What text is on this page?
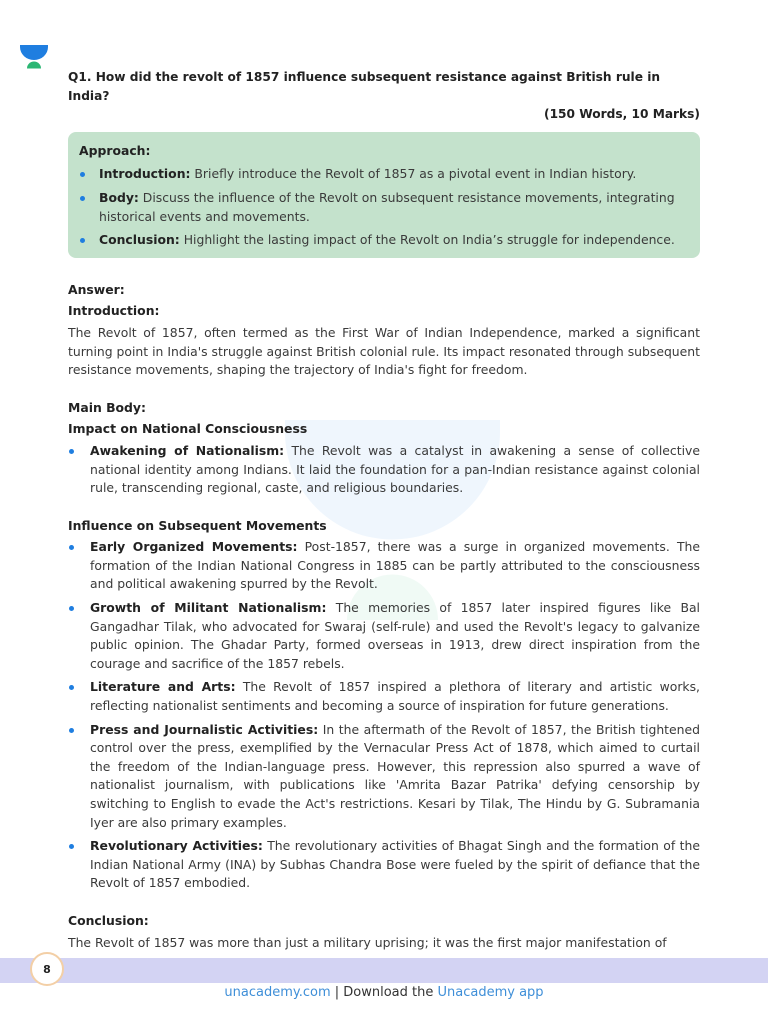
Q1. How did the revolt of 1857 influence subsequent resistance against British rule in India?
(150 Words, 10 Marks)
Approach:
Introduction: Briefly introduce the Revolt of 1857 as a pivotal event in Indian history.
Body: Discuss the influence of the Revolt on subsequent resistance movements, integrating historical events and movements.
Conclusion: Highlight the lasting impact of the Revolt on India’s struggle for independence.
Answer:
Introduction:
The Revolt of 1857, often termed as the First War of Indian Independence, marked a significant turning point in India's struggle against British colonial rule. Its impact resonated through subsequent resistance movements, shaping the trajectory of India's fight for freedom.
Main Body:
Impact on National Consciousness
Awakening of Nationalism: The Revolt was a catalyst in awakening a sense of collective national identity among Indians. It laid the foundation for a pan-Indian resistance against colonial rule, transcending regional, caste, and religious boundaries.
Influence on Subsequent Movements
Early Organized Movements: Post-1857, there was a surge in organized movements. The formation of the Indian National Congress in 1885 can be partly attributed to the consciousness and political awakening spurred by the Revolt.
Growth of Militant Nationalism: The memories of 1857 later inspired figures like Bal Gangadhar Tilak, who advocated for Swaraj (self-rule) and used the Revolt's legacy to galvanize public opinion. The Ghadar Party, formed overseas in 1913, drew direct inspiration from the courage and sacrifice of the 1857 rebels.
Literature and Arts: The Revolt of 1857 inspired a plethora of literary and artistic works, reflecting nationalist sentiments and becoming a source of inspiration for future generations.
Press and Journalistic Activities: In the aftermath of the Revolt of 1857, the British tightened control over the press, exemplified by the Vernacular Press Act of 1878, which aimed to curtail the freedom of the Indian-language press. However, this repression also spurred a wave of nationalist journalism, with publications like 'Amrita Bazar Patrika' defying censorship by switching to English to evade the Act's restrictions. Kesari by Tilak, The Hindu by G. Subramania Iyer are also primary examples.
Revolutionary Activities: The revolutionary activities of Bhagat Singh and the formation of the Indian National Army (INA) by Subhas Chandra Bose were fueled by the spirit of defiance that the Revolt of 1857 embodied.
Conclusion:
The Revolt of 1857 was more than just a military uprising; it was the first major manifestation of
8
unacademy.com | Download the Unacademy app
